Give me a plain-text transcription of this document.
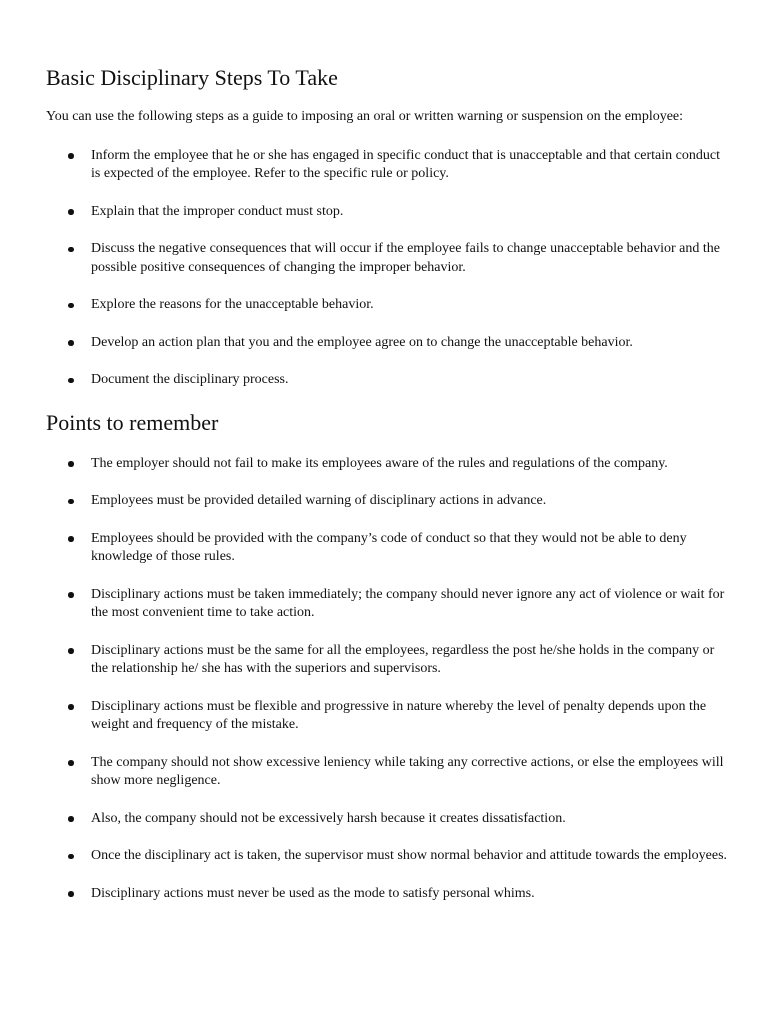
Basic Disciplinary Steps To Take

You can use the following steps as a guide to imposing an oral or written warning or suspension on the employee:

Inform the employee that he or she has engaged in specific conduct that is unacceptable and that certain conduct is expected of the employee. Refer to the specific rule or policy.
Explain that the improper conduct must stop.
Discuss the negative consequences that will occur if the employee fails to change unacceptable behavior and the possible positive consequences of changing the improper behavior.
Explore the reasons for the unacceptable behavior.
Develop an action plan that you and the employee agree on to change the unacceptable behavior.
Document the disciplinary process.
Points to remember
The employer should not fail to make its employees aware of the rules and regulations of the company.
Employees must be provided detailed warning of disciplinary actions in advance.
Employees should be provided with the company’s code of conduct so that they would not be able to deny knowledge of those rules.
Disciplinary actions must be taken immediately; the company should never ignore any act of violence or wait for the most convenient time to take action.
Disciplinary actions must be the same for all the employees, regardless the post he/she holds in the company or the relationship he/ she has with the superiors and supervisors.
Disciplinary actions must be flexible and progressive in nature whereby the level of penalty depends upon the weight and frequency of the mistake.
The company should not show excessive leniency while taking any corrective actions, or else the employees will show more negligence.
Also, the company should not be excessively harsh because it creates dissatisfaction.
Once the disciplinary act is taken, the supervisor must show normal behavior and attitude towards the employees.
Disciplinary actions must never be used as the mode to satisfy personal whims.
